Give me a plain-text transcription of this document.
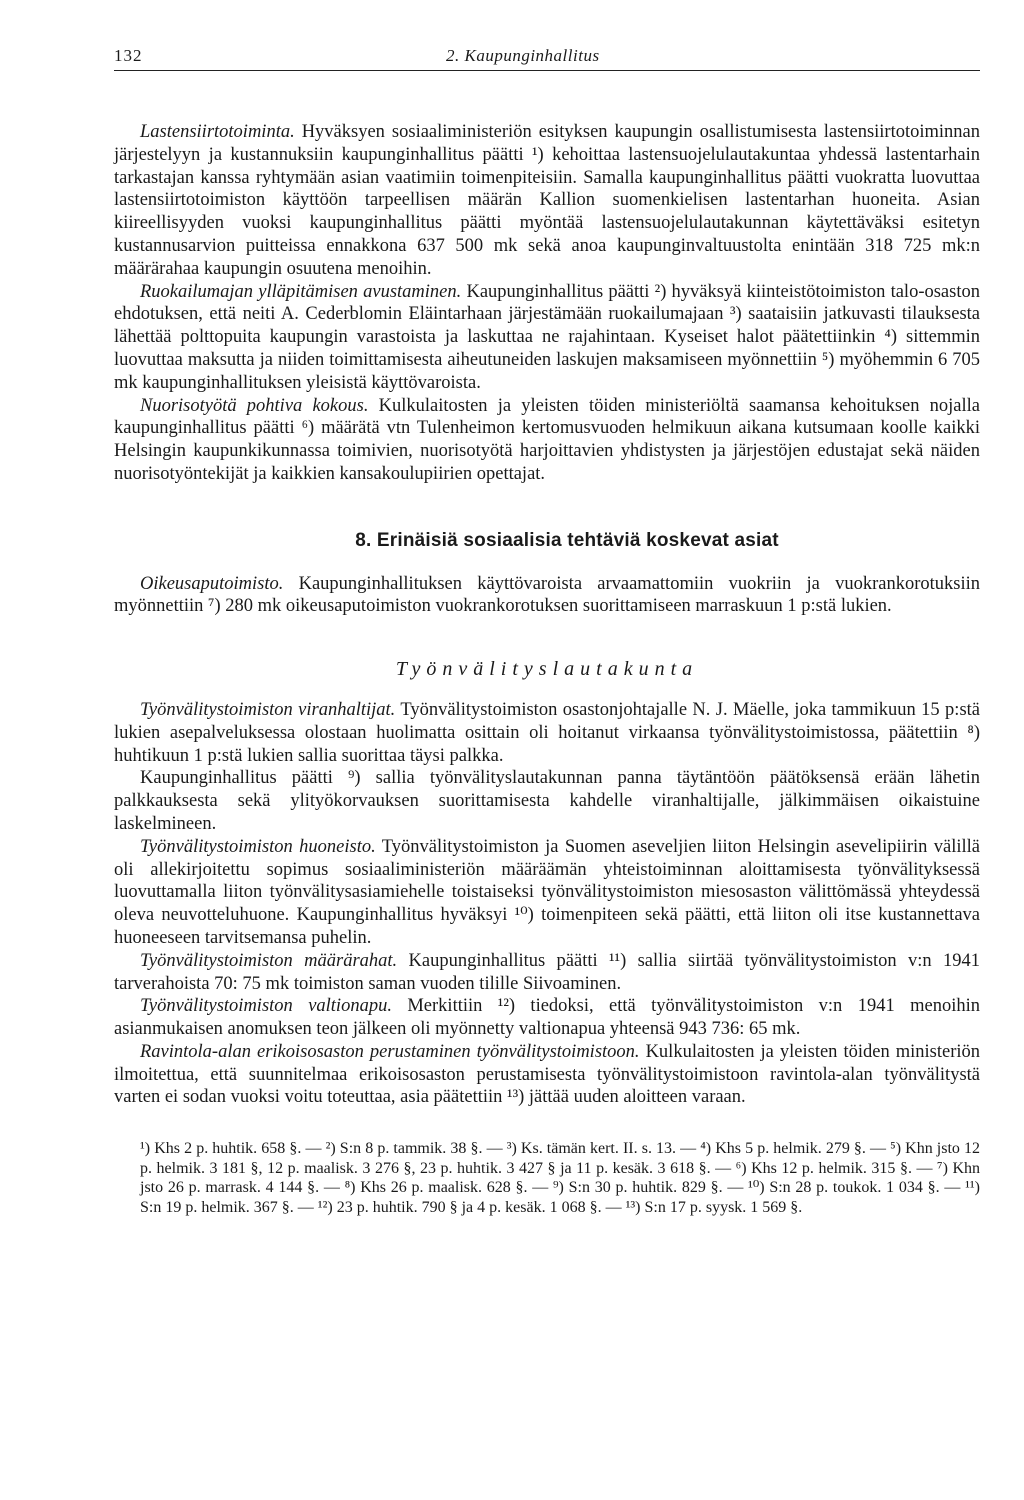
132	2. Kaupunginhallitus

Lastensiirtotoiminta. Hyväksyen sosiaaliministeriön esityksen kaupungin osallistumisesta lastensiirtotoiminnan järjestelyyn ja kustannuksiin kaupunginhallitus päätti ¹) kehoittaa lastensuojelulautakuntaa yhdessä lastentarhain tarkastajan kanssa ryhtymään asian vaatimiin toimenpiteisiin. Samalla kaupunginhallitus päätti vuokratta luovuttaa lastensiirtotoimiston käyttöön tarpeellisen määrän Kallion suomenkielisen lastentarhan huoneita. Asian kiireellisyyden vuoksi kaupunginhallitus päätti myöntää lastensuojelulautakunnan käytettäväksi esitetyn kustannusarvion puitteissa ennakkona 637 500 mk sekä anoa kaupunginvaltuustolta enintään 318 725 mk:n määrärahaa kaupungin osuutena menoihin.

Ruokailumajan ylläpitämisen avustaminen. Kaupunginhallitus päätti ²) hyväksyä kiinteistötoimiston talo-osaston ehdotuksen, että neiti A. Cederblomin Eläintarhaan järjestämään ruokailumajaan ³) saataisiin jatkuvasti tilauksesta lähettää polttopuita kaupungin varastoista ja laskuttaa ne rajahintaan. Kyseiset halot päätettiinkin ⁴) sittemmin luovuttaa maksutta ja niiden toimittamisesta aiheutuneiden laskujen maksamiseen myönnettiin ⁵) myöhemmin 6 705 mk kaupunginhallituksen yleisistä käyttövaroista.

Nuorisotyötä pohtiva kokous. Kulkulaitosten ja yleisten töiden ministeriöltä saamansa kehoituksen nojalla kaupunginhallitus päätti ⁶) määrätä vtn Tulenheimon kertomusvuoden helmikuun aikana kutsumaan koolle kaikki Helsingin kaupunkikunnassa toimivien, nuorisotyötä harjoittavien yhdistysten ja järjestöjen edustajat sekä näiden nuorisotyöntekijät ja kaikkien kansakoulupiirien opettajat.

8. Erinäisiä sosiaalisia tehtäviä koskevat asiat

Oikeusaputoimisto. Kaupunginhallituksen käyttövaroista arvaamattomiin vuokriin ja vuokrankorotuksiin myönnettiin ⁷) 280 mk oikeusaputoimiston vuokrankorotuksen suorittamiseen marraskuun 1 p:stä lukien.

Työnvälityslautakunta

Työnvälitystoimiston viranhaltijat. Työnvälitystoimiston osastonjohtajalle N. J. Mäelle, joka tammikuun 15 p:stä lukien asepalveluksessa olostaan huolimatta osittain oli hoitanut virkaansa työnvälitystoimistossa, päätettiin ⁸) huhtikuun 1 p:stä lukien sallia suorittaa täysi palkka.

Kaupunginhallitus päätti ⁹) sallia työnvälityslautakunnan panna täytäntöön päätöksensä erään lähetin palkkauksesta sekä ylityökorvauksen suorittamisesta kahdelle viranhaltijalle, jälkimmäisen oikaistuine laskelmineen.

Työnvälitystoimiston huoneisto. Työnvälitystoimiston ja Suomen aseveljien liiton Helsingin asevelipiirin välillä oli allekirjoitettu sopimus sosiaaliministeriön määräämän yhteistoiminnan aloittamisesta työnvälityksessä luovuttamalla liiton työnvälitysasiamiehelle toistaiseksi työnvälitystoimiston miesosaston välittömässä yhteydessä oleva neuvotteluhuone. Kaupunginhallitus hyväksyi ¹⁰) toimenpiteen sekä päätti, että liiton oli itse kustannettava huoneeseen tarvitsemansa puhelin.

Työnvälitystoimiston määrärahat. Kaupunginhallitus päätti ¹¹) sallia siirtää työnvälitystoimiston v:n 1941 tarverahoista 70: 75 mk toimiston saman vuoden tilille Siivoaminen.

Työnvälitystoimiston valtionapu. Merkittiin ¹²) tiedoksi, että työnvälitystoimiston v:n 1941 menoihin asianmukaisen anomuksen teon jälkeen oli myönnetty valtionapua yhteensä 943 736: 65 mk.

Ravintola-alan erikoisosaston perustaminen työnvälitystoimistoon. Kulkulaitosten ja yleisten töiden ministeriön ilmoitettua, että suunnitelmaa erikoisosaston perustamisesta työnvälitystoimistoon ravintola-alan työnvälitystä varten ei sodan vuoksi voitu toteuttaa, asia päätettiin ¹³) jättää uuden aloitteen varaan.

¹) Khs 2 p. huhtik. 658 §. — ²) S:n 8 p. tammik. 38 §. — ³) Ks. tämän kert. II. s. 13. — ⁴) Khs 5 p. helmik. 279 §. — ⁵) Khn jsto 12 p. helmik. 3 181 §, 12 p. maalisk. 3 276 §, 23 p. huhtik. 3 427 § ja 11 p. kesäk. 3 618 §. — ⁶) Khs 12 p. helmik. 315 §. — ⁷) Khn jsto 26 p. marrask. 4 144 §. — ⁸) Khs 26 p. maalisk. 628 §. — ⁹) S:n 30 p. huhtik. 829 §. — ¹⁰) S:n 28 p. toukok. 1 034 §. — ¹¹) S:n 19 p. helmik. 367 §. — ¹²) 23 p. huhtik. 790 § ja 4 p. kesäk. 1 068 §. — ¹³) S:n 17 p. syysk. 1 569 §.
